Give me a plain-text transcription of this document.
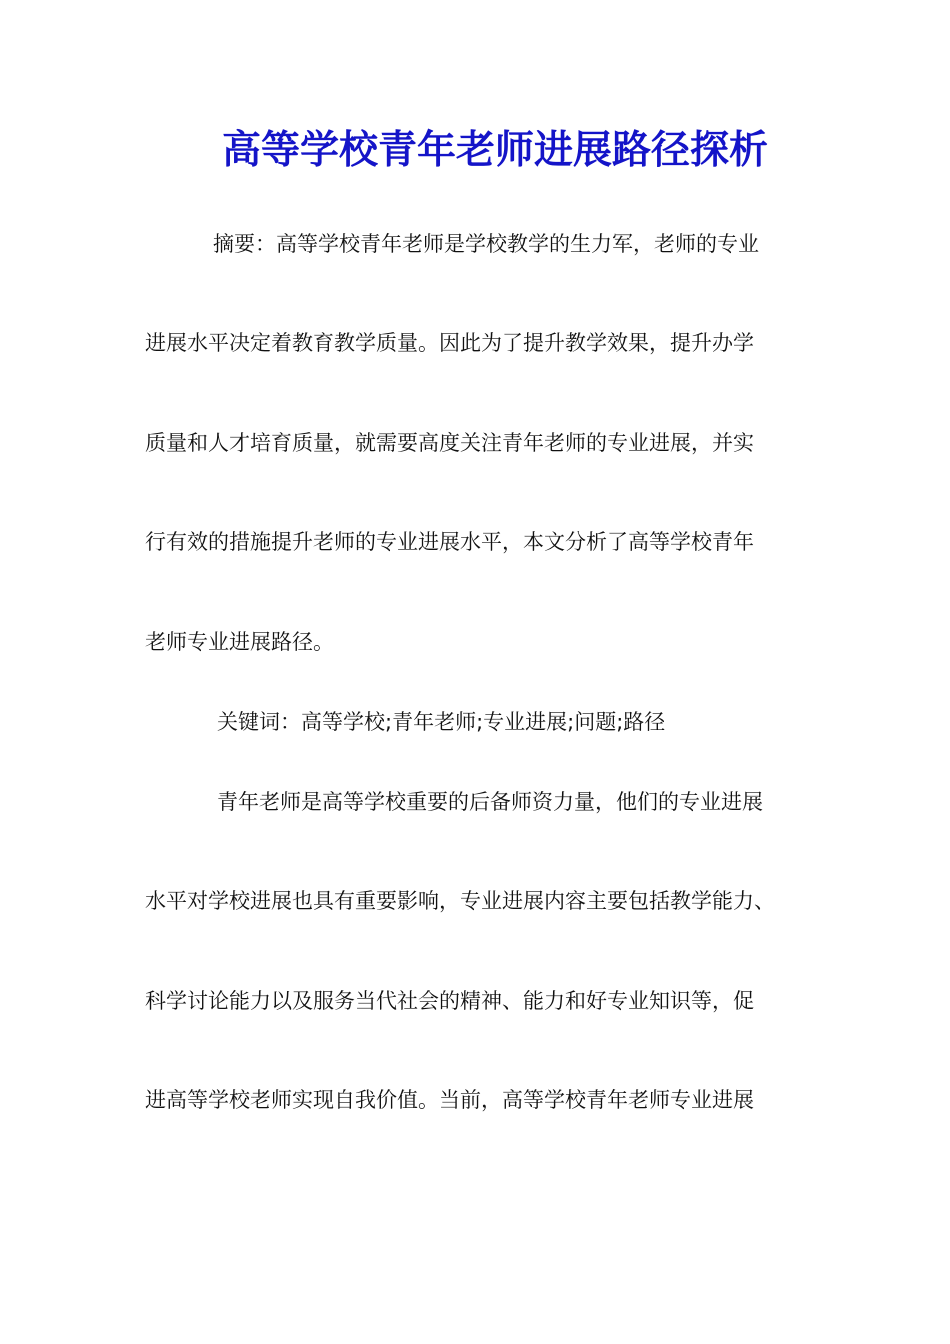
高等学校青年老师进展路径探析

摘要：高等学校青年老师是学校教学的生力军，老师的专业

进展水平决定着教育教学质量。因此为了提升教学效果，提升办学

质量和人才培育质量，就需要高度关注青年老师的专业进展，并实

行有效的措施提升老师的专业进展水平，本文分析了高等学校青年

老师专业进展路径。

关键词：高等学校;青年老师;专业进展;问题;路径

青年老师是高等学校重要的后备师资力量，他们的专业进展

水平对学校进展也具有重要影响，专业进展内容主要包括教学能力、

科学讨论能力以及服务当代社会的精神、能力和好专业知识等，促

进高等学校老师实现自我价值。当前，高等学校青年老师专业进展
